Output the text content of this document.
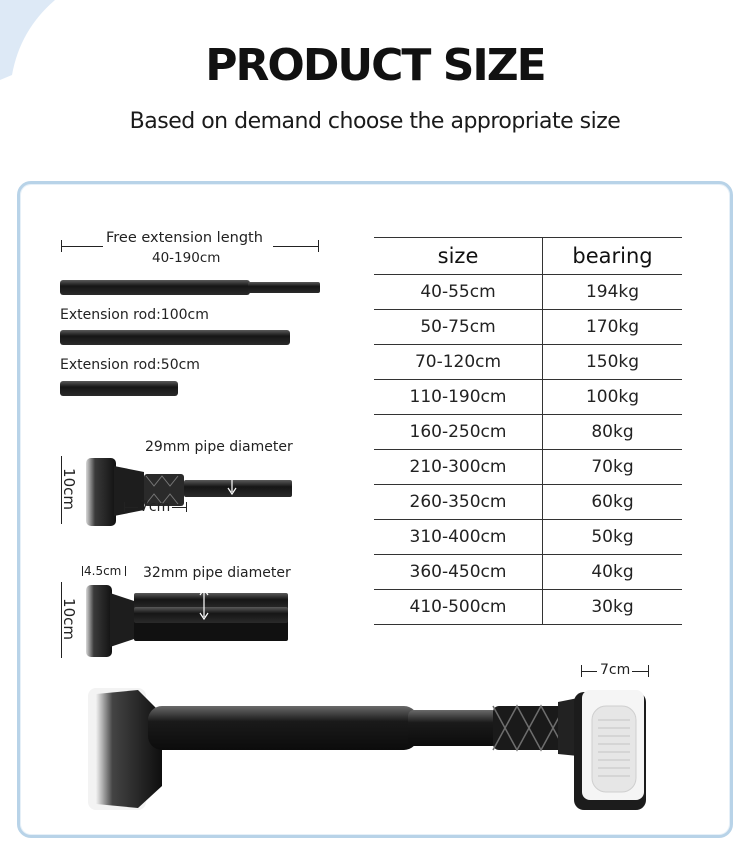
PRODUCT SIZE
Based on demand choose the appropriate size
Free extension length
40-190cm
Extension rod:100cm
Extension rod:50cm
29mm pipe diameter
10cm	7cm
4.5cm 32mm pipe diameter
10cm
size	bearing
40-55cm	194kg
50-75cm	170kg
70-120cm	150kg
110-190cm	100kg
160-250cm	80kg
210-300cm	70kg
260-350cm	60kg
310-400cm	50kg
360-450cm	40kg
410-500cm	30kg
7cm
